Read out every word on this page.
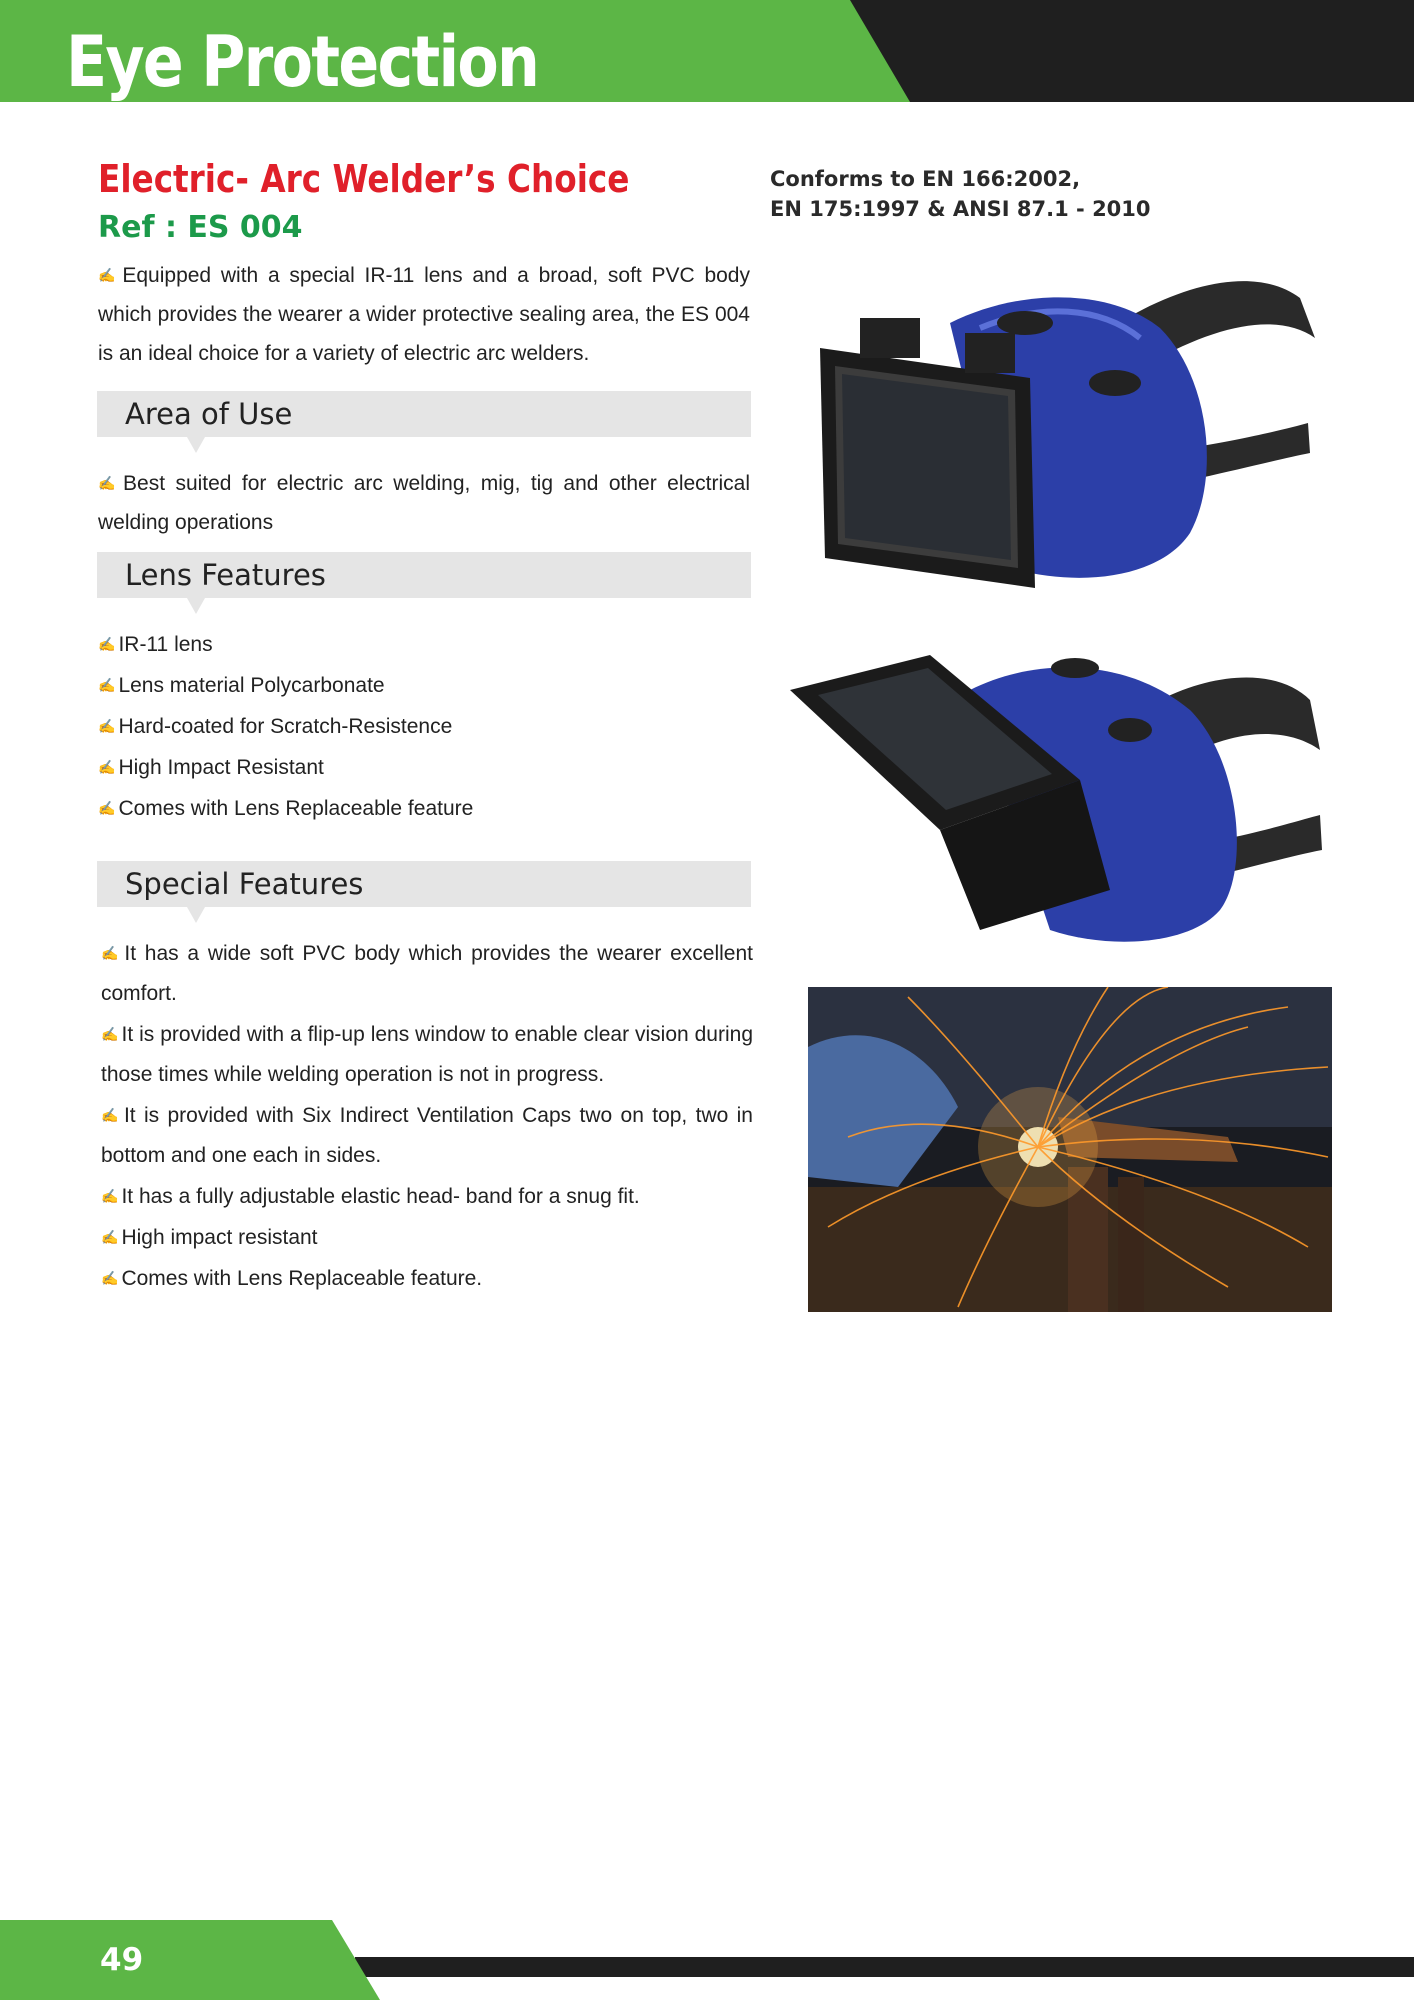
Eye Protection
Electric- Arc Welder’s Choice
Ref : ES 004

✍ Equipped with a special IR-11 lens and a broad, soft PVC body which provides the wearer a wider protective sealing area, the ES 004 is an ideal choice for a variety of electric arc welders.

Area of Use

✍ Best suited for electric arc welding, mig, tig and other electrical welding operations

Lens Features
✍ IR-11 lens
✍ Lens material Polycarbonate
✍ Hard-coated for Scratch-Resistence
✍ High Impact Resistant
✍ Comes with Lens Replaceable feature
Special Features
✍ It has a wide soft PVC body which provides the wearer excellent comfort.
✍ It is provided with a flip-up lens window to enable clear vision during those times while welding operation is not in progress.
✍ It is provided with Six Indirect Ventilation Caps two on top, two in bottom and one each in sides.
✍ It has a fully adjustable elastic head- band for a snug fit.
✍ High impact resistant
✍ Comes with Lens Replaceable feature.
Conforms to EN 166:2002,
EN 175:1997 & ANSI 87.1 - 2010
49
